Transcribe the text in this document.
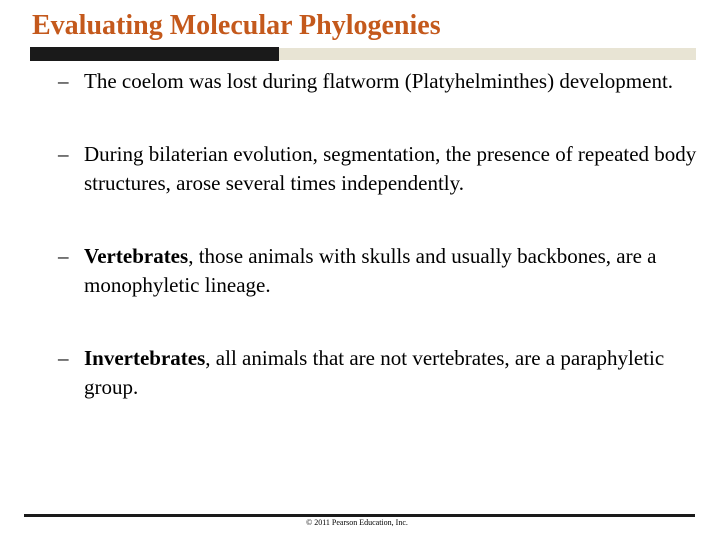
Evaluating Molecular Phylogenies
– The coelom was lost during flatworm (Platyhelminthes) development.
– During bilaterian evolution, segmentation, the presence of repeated body structures, arose several times independently.
– Vertebrates, those animals with skulls and usually backbones, are a monophyletic lineage.
– Invertebrates, all animals that are not vertebrates, are a paraphyletic group.
© 2011 Pearson Education, Inc.
